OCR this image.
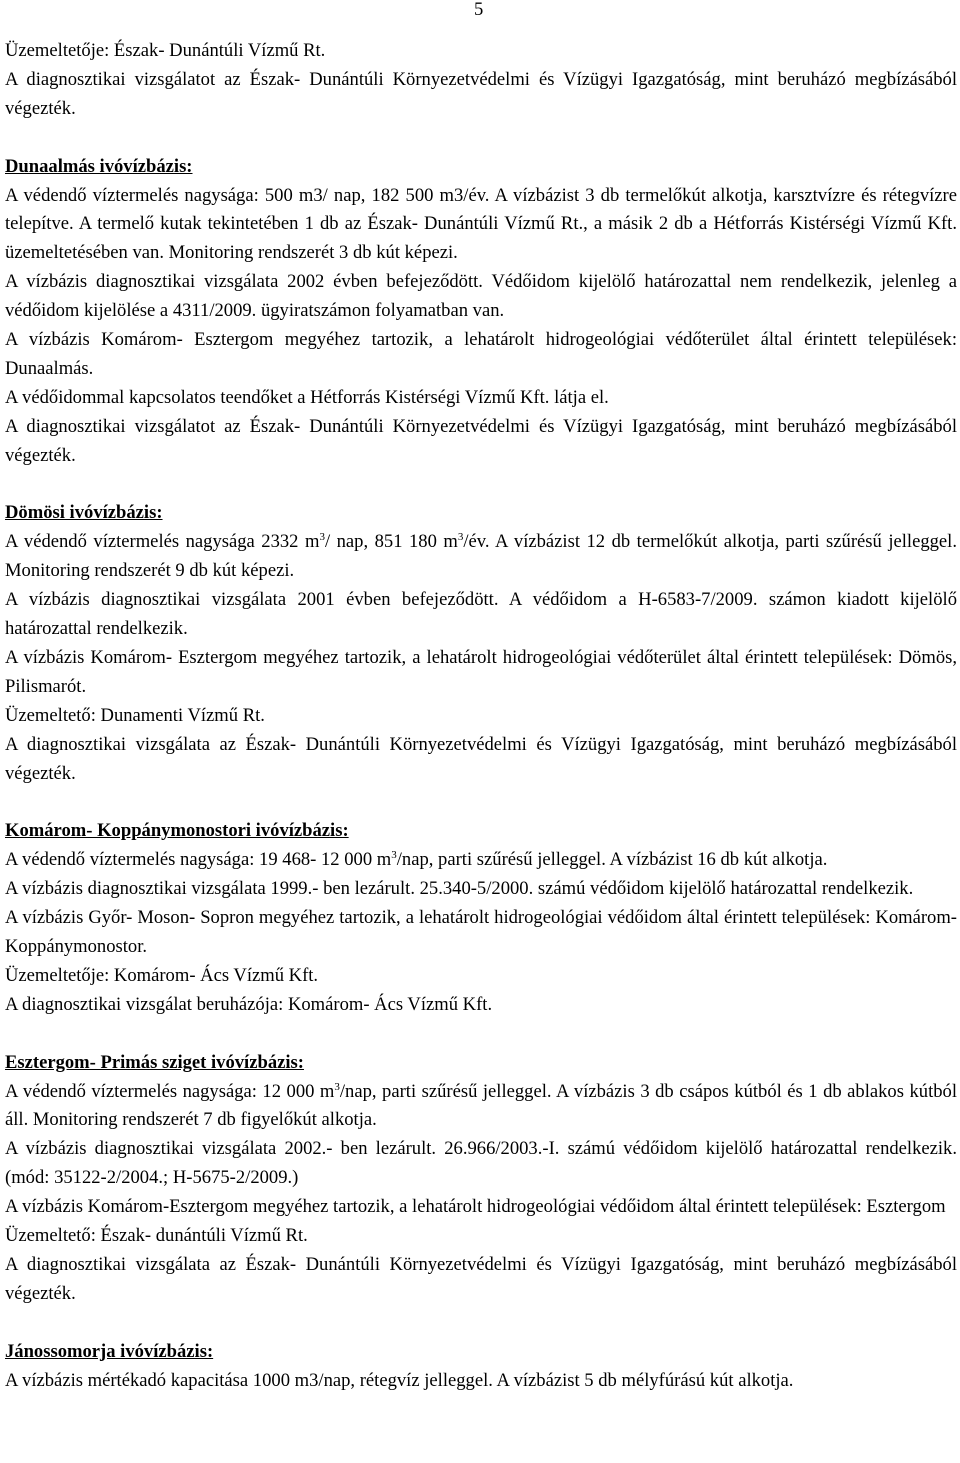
5

Üzemeltetője: Észak- Dunántúli Vízmű Rt.

A diagnosztikai vizsgálatot az Észak- Dunántúli Környezetvédelmi és Vízügyi Igazgatóság, mint beruházó megbízásából végezték.

Dunaalmás ivóvízbázis:

A védendő víztermelés nagysága: 500 m3/ nap, 182 500 m3/év. A vízbázist 3 db termelőkút alkotja, karsztvízre és rétegvízre telepítve. A termelő kutak tekintetében 1 db az Észak- Dunántúli Vízmű Rt., a másik 2 db a Hétforrás Kistérségi Vízmű Kft. üzemeltetésében van. Monitoring rendszerét 3 db kút képezi.

A vízbázis diagnosztikai vizsgálata 2002 évben befejeződött. Védőidom kijelölő határozattal nem rendelkezik, jelenleg a védőidom kijelölése a 4311/2009. ügyiratszámon folyamatban van.

A vízbázis Komárom- Esztergom megyéhez tartozik, a lehatárolt hidrogeológiai védőterület által érintett települések: Dunaalmás.

A védőidommal kapcsolatos teendőket a Hétforrás Kistérségi Vízmű Kft. látja el.

A diagnosztikai vizsgálatot az Észak- Dunántúli Környezetvédelmi és Vízügyi Igazgatóság, mint beruházó megbízásából végezték.

Dömösi ivóvízbázis:

A védendő víztermelés nagysága 2332 $m^3/$ nap, 851 180 $m^3/év$. A vízbázist 12 db termelőkút alkotja, parti szűrésű jelleggel. Monitoring rendszerét 9 db kút képezi.

A vízbázis diagnosztikai vizsgálata 2001 évben befejeződött. A védőidom a H-6583-7/2009. számon kiadott kijelölő határozattal rendelkezik.

A vízbázis Komárom- Esztergom megyéhez tartozik, a lehatárolt hidrogeológiai védőterület által érintett települések: Dömös, Pilismarót.

Üzemeltető: Dunamenti Vízmű Rt.

A diagnosztikai vizsgálata az Észak- Dunántúli Környezetvédelmi és Vízügyi Igazgatóság, mint beruházó megbízásából végezték.

Komárom- Koppánymonostori ivóvízbázis:

A védendő víztermelés nagysága: 19 468- 12 000 $m^3$/nap, parti szűrésű jelleggel. A vízbázist 16 db kút alkotja.

A vízbázis diagnosztikai vizsgálata 1999.- ben lezárult. 25.340-5/2000. számú védőidom kijelölő határozattal rendelkezik.

A vízbázis Győr- Moson- Sopron megyéhez tartozik, a lehatárolt hidrogeológiai védőidom által érintett települések: Komárom- Koppánymonostor.

Üzemeltetője: Komárom- Ács Vízmű Kft.

A diagnosztikai vizsgálat beruházója: Komárom- Ács Vízmű Kft.

Esztergom- Primás sziget ivóvízbázis:

A védendő víztermelés nagysága: 12 000 $m^3$/nap, parti szűrésű jelleggel. A vízbázis 3 db csápos kútból és 1 db ablakos kútból áll. Monitoring rendszerét 7 db figyelőkút alkotja.

A vízbázis diagnosztikai vizsgálata 2002.- ben lezárult. 26.966/2003.-I. számú védőidom kijelölő határozattal rendelkezik. (mód: 35122-2/2004.; H-5675-2/2009.)

A vízbázis Komárom-Esztergom megyéhez tartozik, a lehatárolt hidrogeológiai védőidom által érintett települések: Esztergom

Üzemeltető: Észak- dunántúli Vízmű Rt.

A diagnosztikai vizsgálata az Észak- Dunántúli Környezetvédelmi és Vízügyi Igazgatóság, mint beruházó megbízásából végezték.

Jánossomorja ivóvízbázis:

A vízbázis mértékadó kapacitása 1000 m3/nap, rétegvíz jelleggel. A vízbázist 5 db mélyfúrású kút alkotja.
